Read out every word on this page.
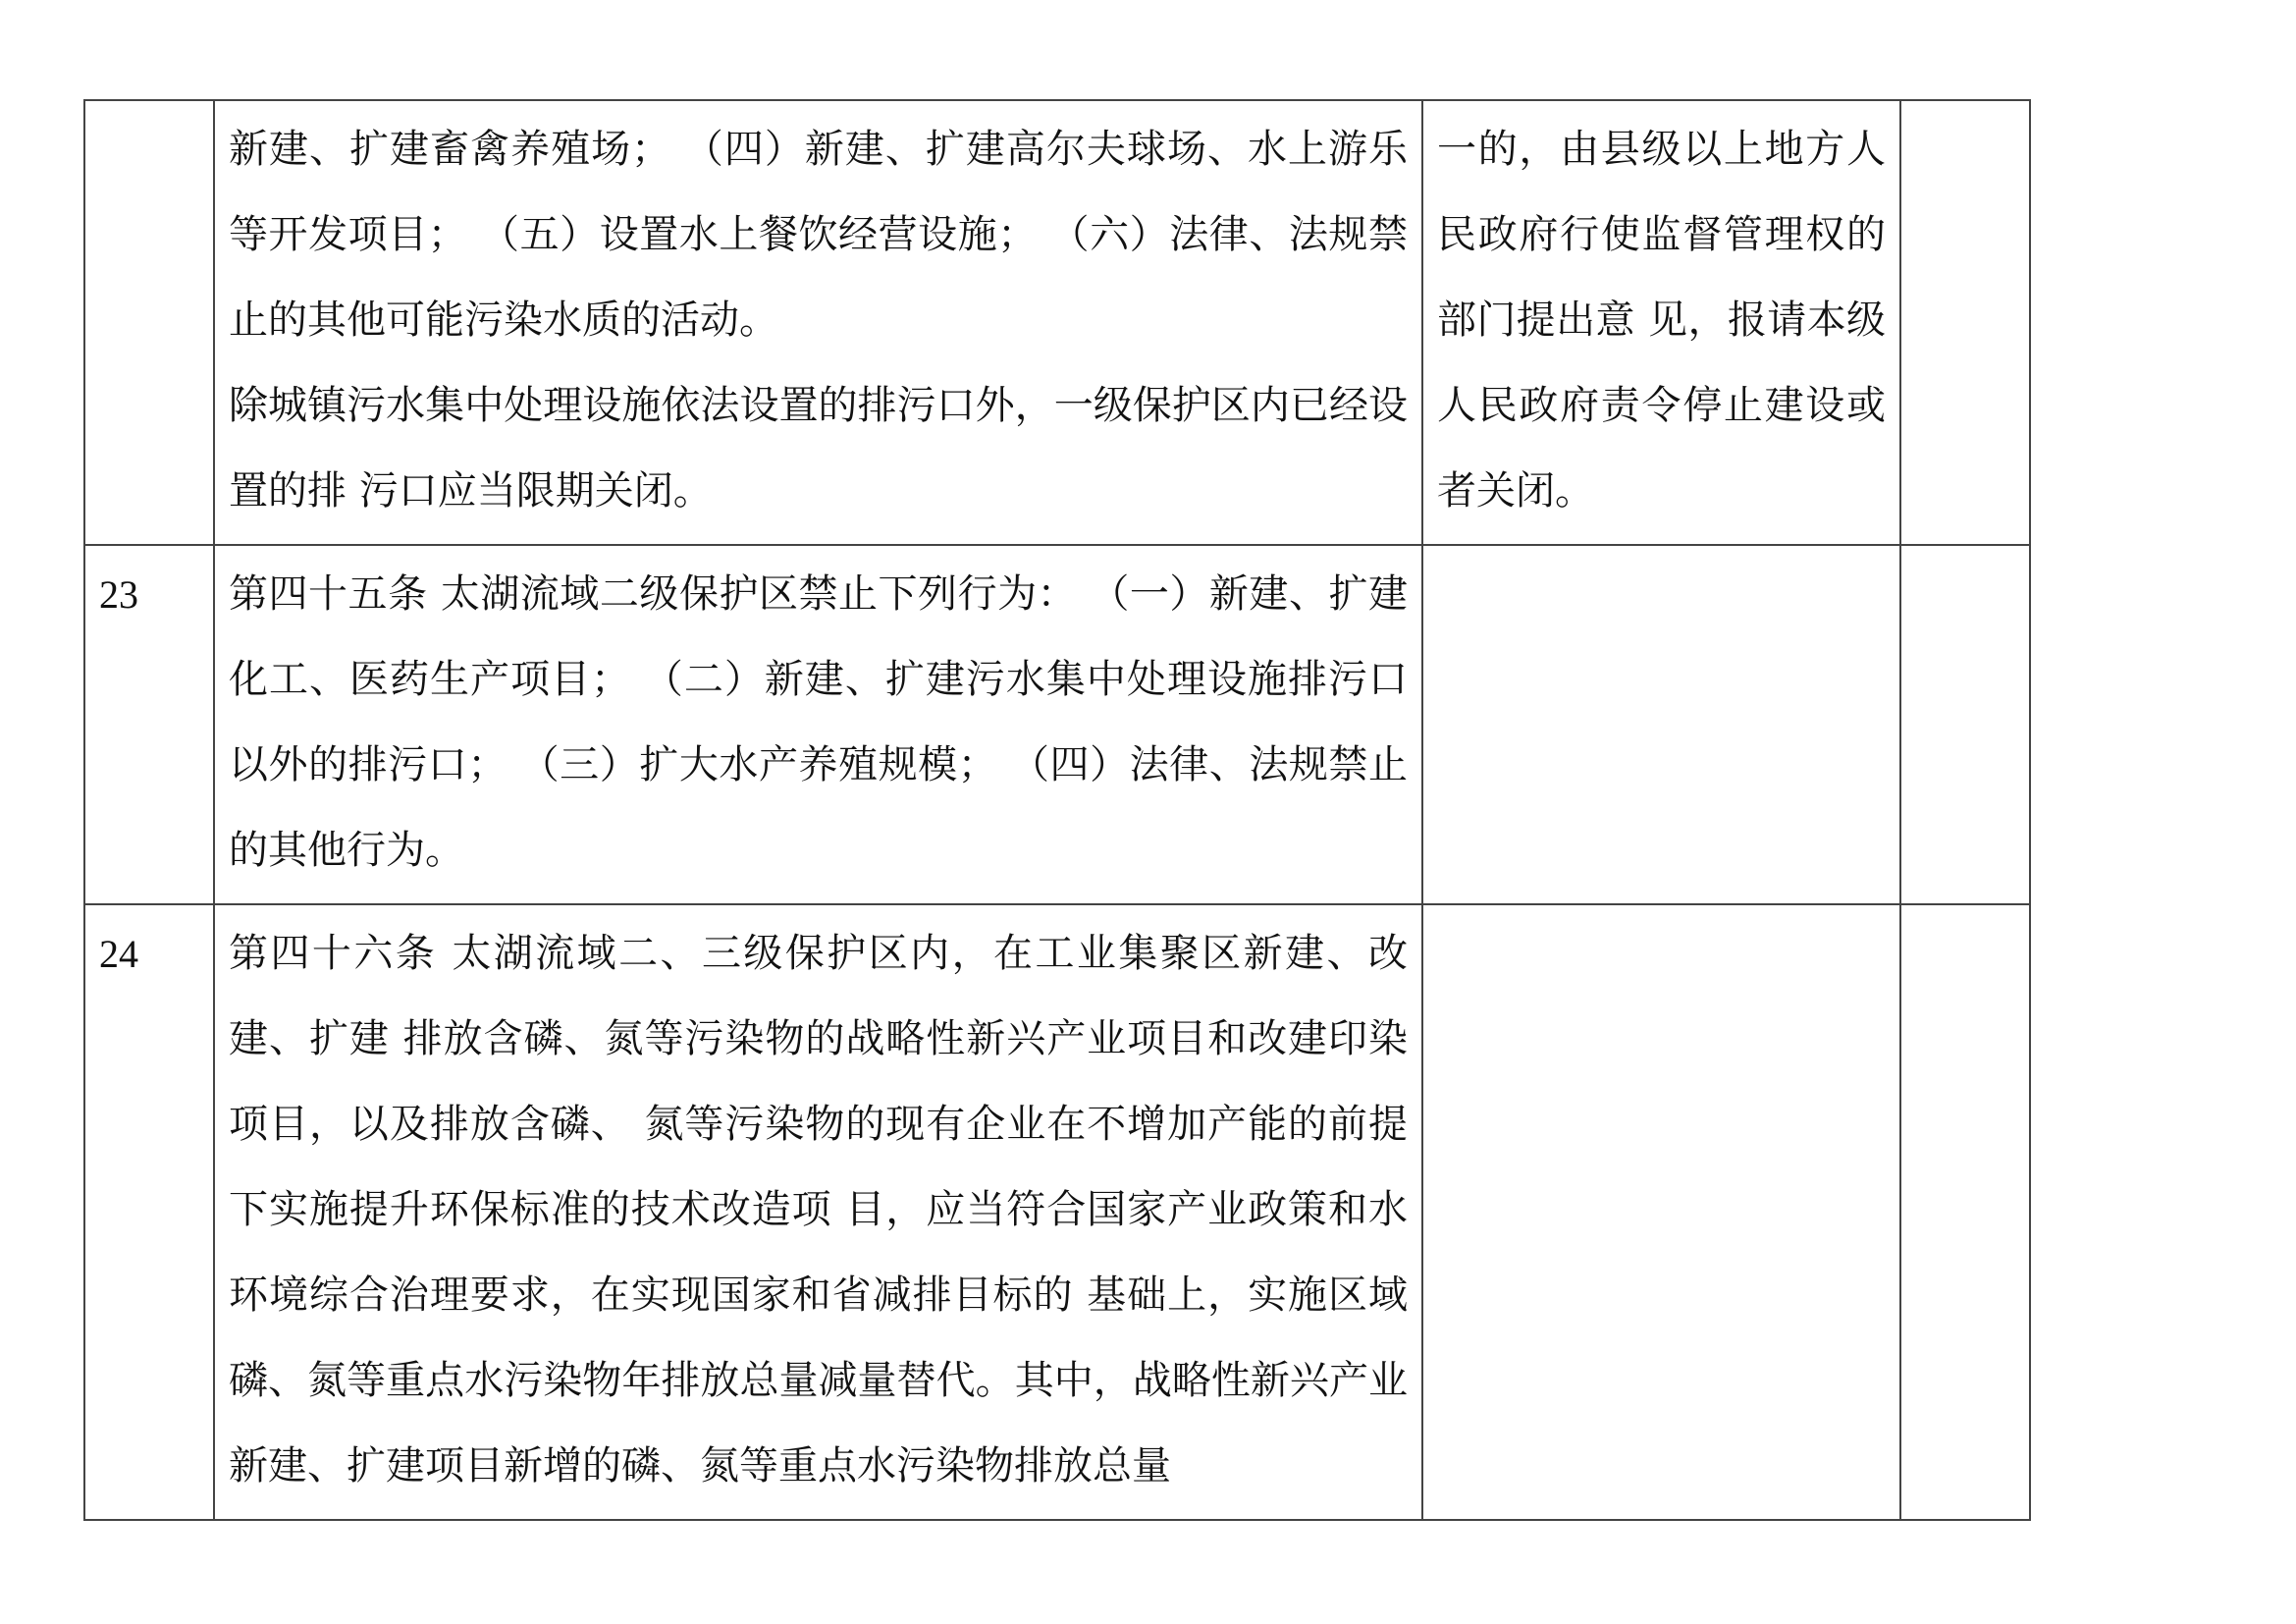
	新建、扩建畜禽养殖场； （四）新建、扩建高尔夫球场、水上游乐等开发项目； （五）设置水上餐饮经营设施； （六）法律、法规禁止的其他可能污染水质的活动。
除城镇污水集中处理设施依法设置的排污口外，一级保护区内已经设置的排 污口应当限期关闭。	一的，由县级以上地方人民政府行使监督管理权的部门提出意 见，报请本级人民政府责令停止建设或者关闭。	
23	第四十五条 太湖流域二级保护区禁止下列行为： （一）新建、扩建化工、医药生产项目； （二）新建、扩建污水集中处理设施排污口以外的排污口； （三）扩大水产养殖规模； （四）法律、法规禁止的其他行为。		

24	第四十六条 太湖流域二、三级保护区内，在工业集聚区新建、改建、扩建 排放含磷、氮等污染物的战略性新兴产业项目和改建印染项目，以及排放含磷、 氮等污染物的现有企业在不增加产能的前提下实施提升环保标准的技术改造项 目，应当符合国家产业政策和水环境综合治理要求，在实现国家和省减排目标的 基础上，实施区域磷、氮等重点水污染物年排放总量减量替代。其中，战略性新兴产业新建、扩建项目新增的磷、氮等重点水污染物排放总量		
